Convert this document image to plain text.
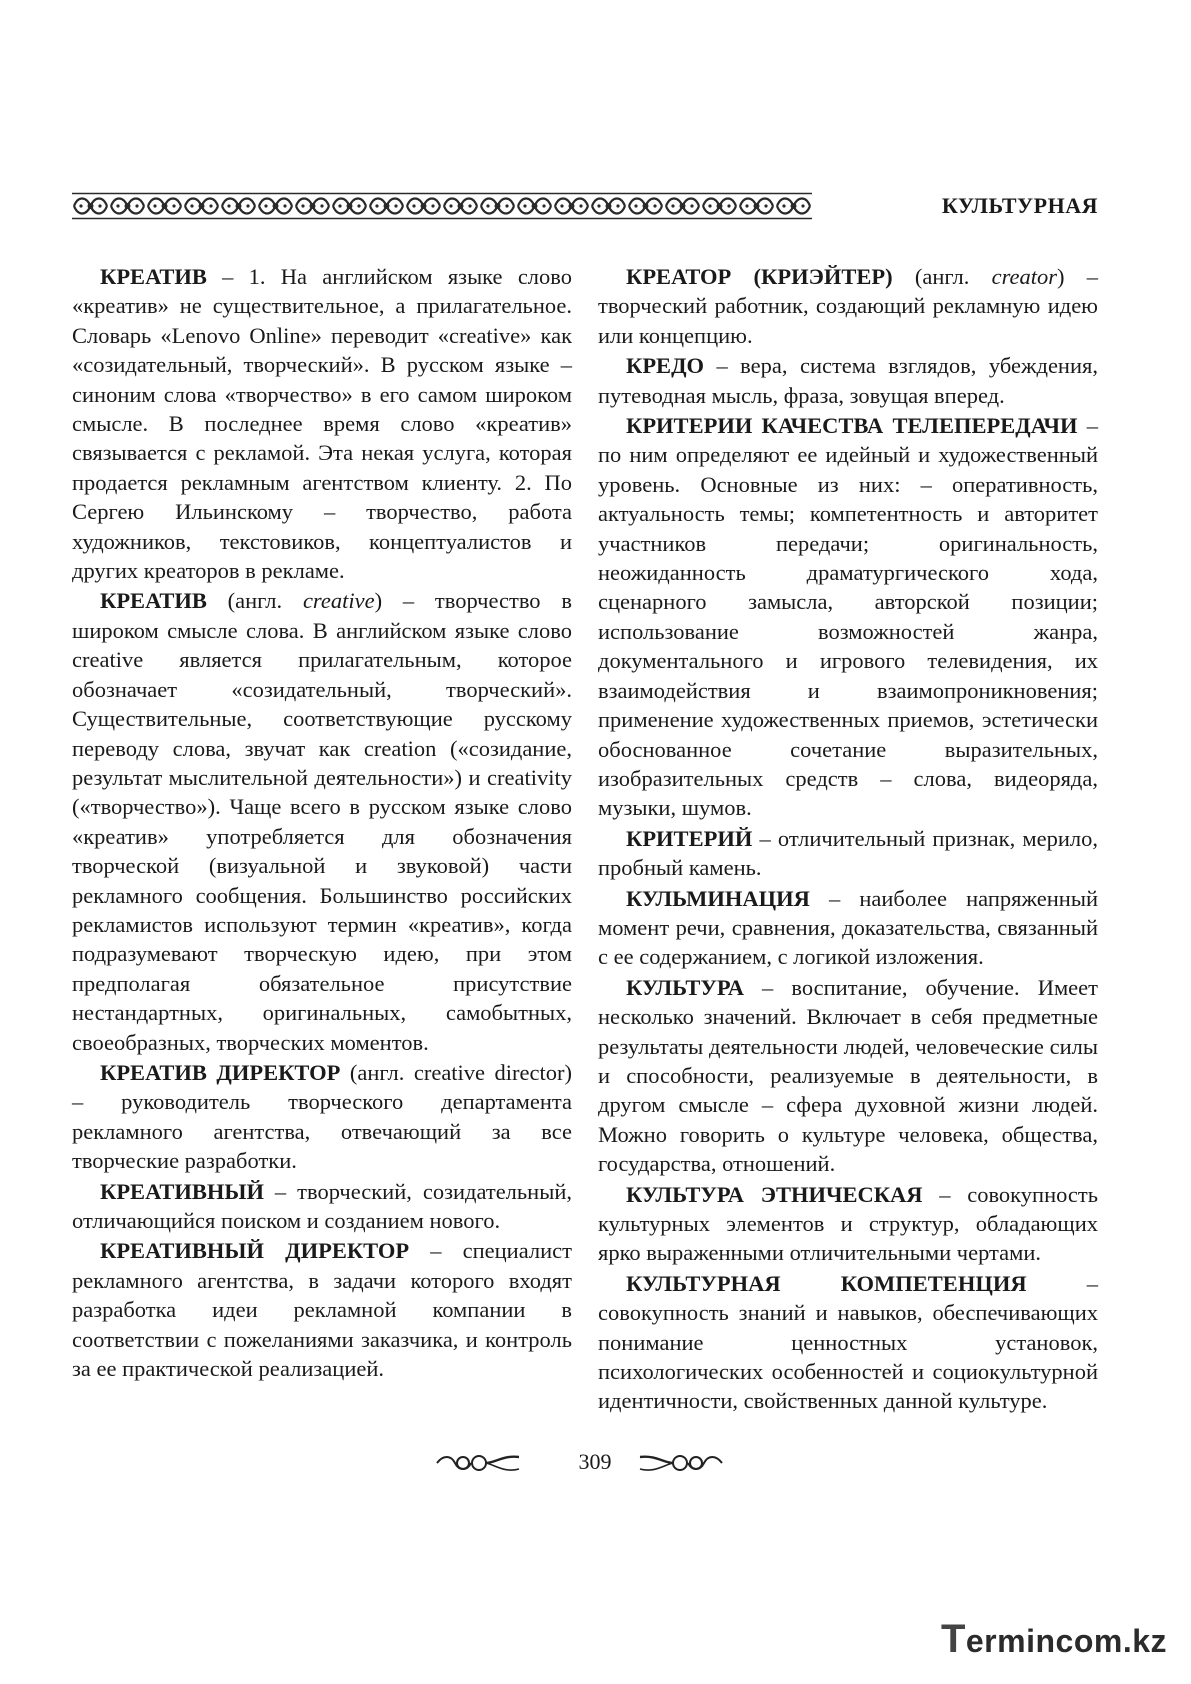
КУЛЬТУРНАЯ

КРЕАТИВ – 1. На английском языке слово «креатив» не существительное, а прилагательное. Словарь «Lenovo Online» переводит «creative» как «созидательный, творческий». В русском языке – синоним слова «творчество» в его самом широком смысле. В последнее время слово «креатив» связывается с рекламой. Эта некая услуга, которая продается рекламным агентством клиенту. 2. По Сергею Ильинскому – творчество, работа художников, текстовиков, концептуалистов и других креаторов в рекламе.

КРЕАТИВ (англ. creative) – творчество в широком смысле слова. В английском языке слово creative является прилагательным, которое обозначает «созидательный, творческий». Существительные, соответствующие русскому переводу слова, звучат как creation («созидание, результат мыслительной деятельности») и creativity («творчество»). Чаще всего в русском языке слово «креатив» употребляется для обозначения творческой (визуальной и звуковой) части рекламного сообщения. Большинство российских рекламистов используют термин «креатив», когда подразумевают творческую идею, при этом предполагая обязательное присутствие нестандартных, оригинальных, самобытных, своеобразных, творческих моментов.

КРЕАТИВ ДИРЕКТОР (англ. creative director) – руководитель творческого департамента рекламного агентства, отвечающий за все творческие разработки.

КРЕАТИВНЫЙ – творческий, созидательный, отличающийся поиском и созданием нового.

КРЕАТИВНЫЙ ДИРЕКТОР – специалист рекламного агентства, в задачи которого входят разработка идеи рекламной компании в соответствии с пожеланиями заказчика, и контроль за ее практической реализацией.

КРЕАТОР (КРИЭЙТЕР) (англ. creator) – творческий работник, создающий рекламную идею или концепцию.

КРЕДО – вера, система взглядов, убеждения, путеводная мысль, фраза, зовущая вперед.

КРИТЕРИИ КАЧЕСТВА ТЕЛЕПЕРЕДАЧИ – по ним определяют ее идейный и художественный уровень. Основные из них: – оперативность, актуальность темы; компетентность и авторитет участников передачи; оригинальность, неожиданность драматургического хода, сценарного замысла, авторской позиции; использование возможностей жанра, документального и игрового телевидения, их взаимодействия и взаимопроникновения; применение художественных приемов, эстетически обоснованное сочетание выразительных, изобразительных средств – слова, видеоряда, музыки, шумов.

КРИТЕРИЙ – отличительный признак, мерило, пробный камень.

КУЛЬМИНАЦИЯ – наиболее напряженный момент речи, сравнения, доказательства, связанный с ее содержанием, с логикой изложения.

КУЛЬТУРА – воспитание, обучение. Имеет несколько значений. Включает в себя предметные результаты деятельности людей, человеческие силы и способности, реализуемые в деятельности, в другом смысле – сфера духовной жизни людей. Можно говорить о культуре человека, общества, государства, отношений.

КУЛЬТУРА ЭТНИЧЕСКАЯ – совокупность культурных элементов и структур, обладающих ярко выраженными отличительными чертами.

КУЛЬТУРНАЯ КОМПЕТЕНЦИЯ – совокупность знаний и навыков, обеспечивающих понимание ценностных установок, психологических особенностей и социокультурной идентичности, свойственных данной культуре.

309
Termincom.kz
